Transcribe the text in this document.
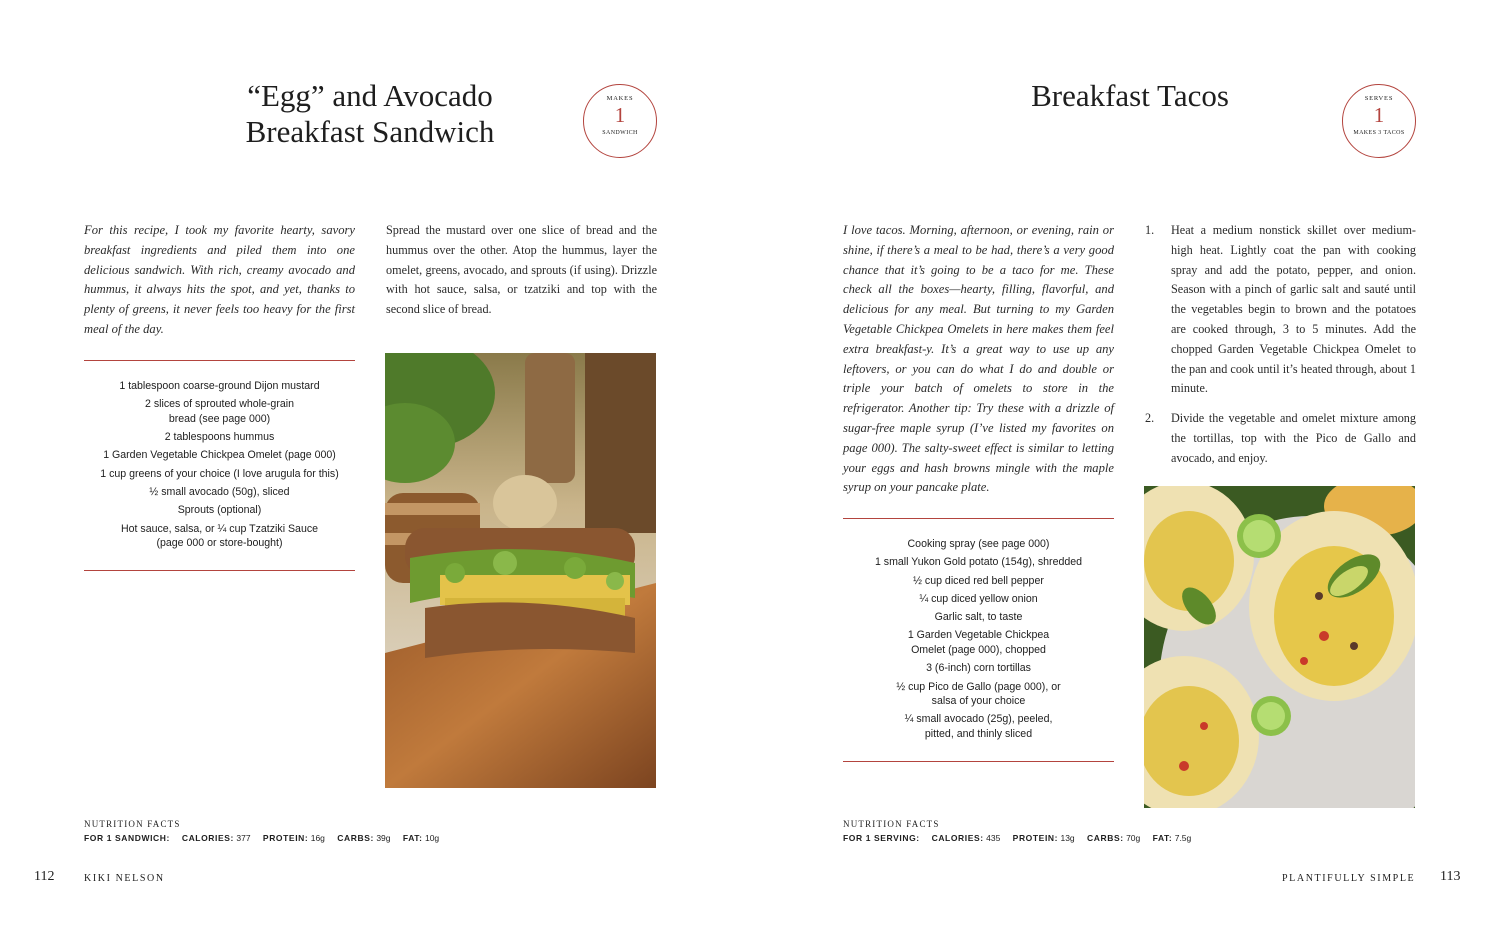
“Egg” and Avocado
Breakfast Sandwich
MAKES
1
SANDWICH

For this recipe, I took my favorite hearty, savory breakfast ingredients and piled them into one delicious sandwich. With rich, creamy avocado and hummus, it always hits the spot, and yet, thanks to plenty of greens, it never feels too heavy for the first meal of the day.

Spread the mustard over one slice of bread and the hummus over the other. Atop the hummus, layer the omelet, greens, avocado, and sprouts (if using). Drizzle with hot sauce, salsa, or tzatziki and top with the second slice of bread.

1 tablespoon coarse-ground Dijon mustard
2 slices of sprouted whole-grain bread (see page 000)
2 tablespoons hummus
1 Garden Vegetable Chickpea Omelet (page 000)
1 cup greens of your choice (I love arugula for this)
½ small avocado (50g), sliced
Sprouts (optional)
Hot sauce, salsa, or ¼ cup Tzatziki Sauce (page 000 or store-bought)
NUTRITION FACTS
FOR 1 SANDWICH: CALORIES: 377 PROTEIN: 16g CARBS: 39g FAT: 10g
112	KIKI NELSON
Breakfast Tacos	SERVES
1
MAKES 3 TACOS

I love tacos. Morning, afternoon, or evening, rain or shine, if there’s a meal to be had, there’s a very good chance that it’s going to be a taco for me. These check all the boxes—hearty, filling, flavorful, and delicious for any meal. But turning to my Garden Vegetable Chickpea Omelets in here makes them feel extra breakfast-y. It’s a great way to use up any leftovers, or you can do what I do and double or triple your batch of omelets to store in the refrigerator. Another tip: Try these with a drizzle of sugar-free maple syrup (I’ve listed my favorites on page 000). The salty-sweet effect is similar to letting your eggs and hash browns mingle with the maple syrup on your pancake plate.

1. Heat a medium nonstick skillet over medium-high heat. Lightly coat the pan with cooking spray and add the potato, pepper, and onion. Season with a pinch of garlic salt and sauté until the vegetables begin to brown and the potatoes are cooked through, 3 to 5 minutes. Add the chopped Garden Vegetable Chickpea Omelet to the pan and cook until it’s heated through, about 1 minute.
2. Divide the vegetable and omelet mixture among the tortillas, top with the Pico de Gallo and avocado, and enjoy.
Cooking spray (see page 000)
1 small Yukon Gold potato (154g), shredded
½ cup diced red bell pepper
¼ cup diced yellow onion
Garlic salt, to taste
1 Garden Vegetable Chickpea Omelet (page 000), chopped
3 (6-inch) corn tortillas
½ cup Pico de Gallo (page 000), or salsa of your choice
¼ small avocado (25g), peeled, pitted, and thinly sliced
NUTRITION FACTS
FOR 1 SERVING: CALORIES: 435 PROTEIN: 13g CARBS: 70g FAT: 7.5g
PLANTIFULLY SIMPLE 113
